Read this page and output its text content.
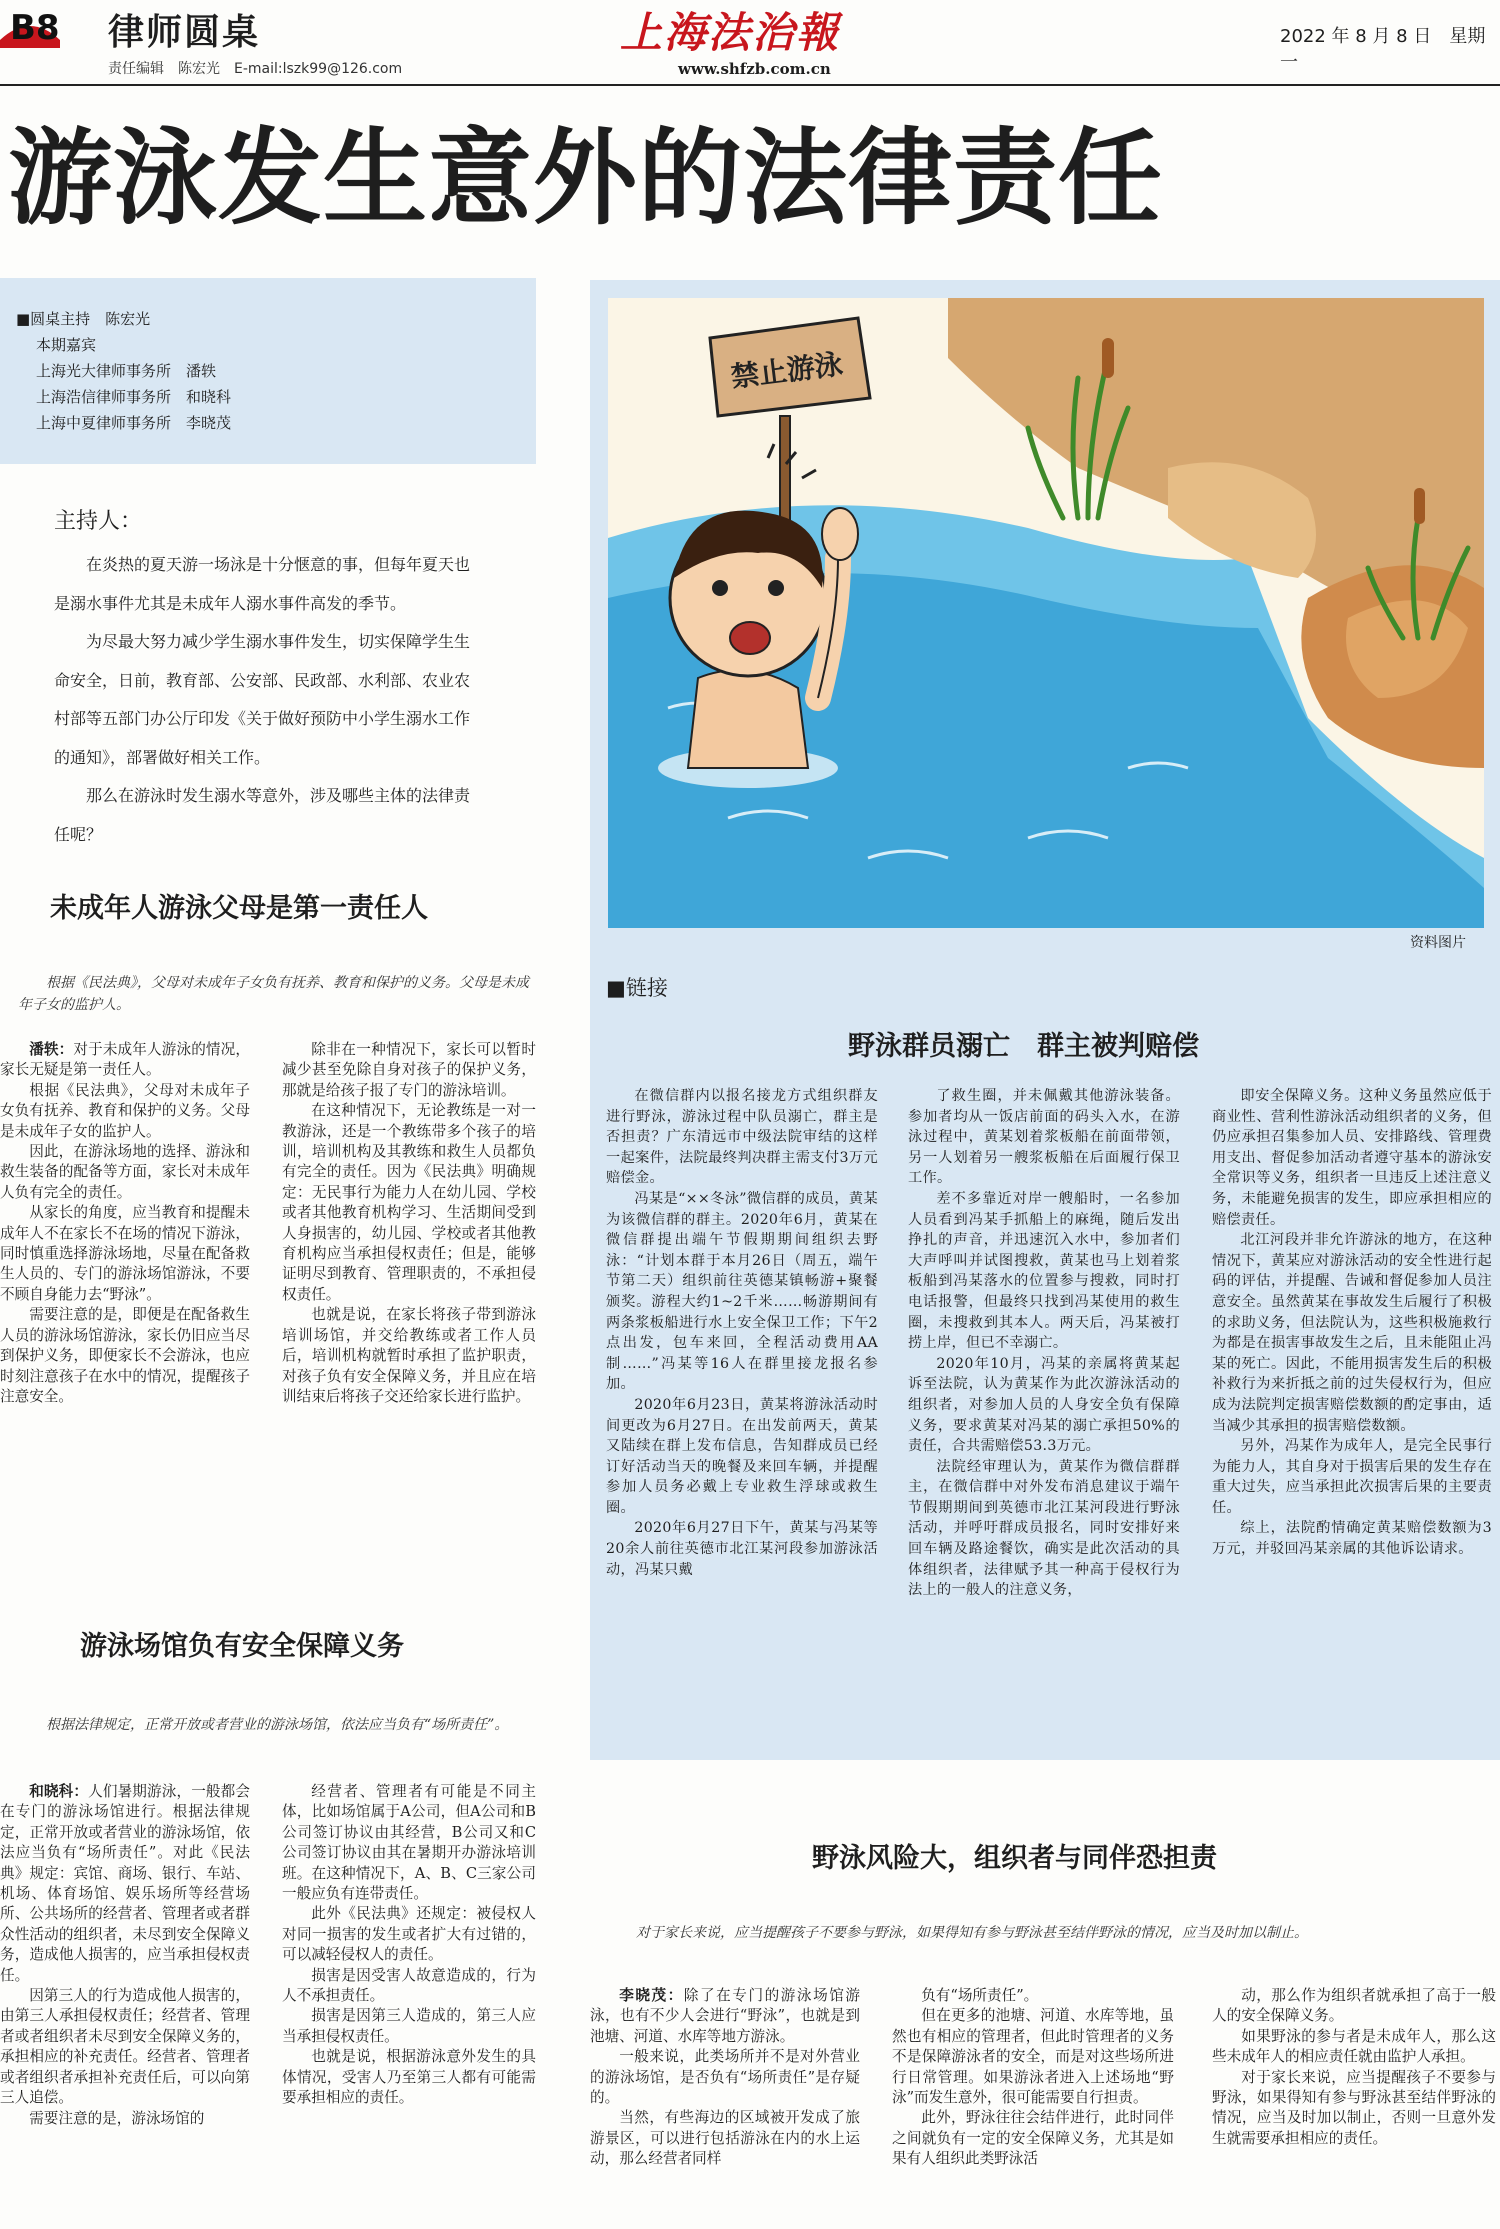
B8 律师圆桌
责任编辑　陈宏光　E-mail:lszk99@126.com
上海法治報
www.shfzb.com.cn
2022 年 8 月 8 日　星期一
游泳发生意外的法律责任
■圆桌主持　陈宏光
本期嘉宾
上海光大律师事务所　潘轶
上海浩信律师事务所　和晓科
上海中夏律师事务所　李晓茂
主持人：

在炎热的夏天游一场泳是十分惬意的事，但每年夏天也是溺水事件尤其是未成年人溺水事件高发的季节。

为尽最大努力减少学生溺水事件发生，切实保障学生生命安全，日前，教育部、公安部、民政部、水利部、农业农村部等五部门办公厅印发《关于做好预防中小学生溺水工作的通知》，部署做好相关工作。

那么在游泳时发生溺水等意外，涉及哪些主体的法律责任呢？

未成年人游泳父母是第一责任人
根据《民法典》，父母对未成年子女负有抚养、教育和保护的义务。父母是未成年子女的监护人。

潘轶：对于未成年人游泳的情况，家长无疑是第一责任人。

根据《民法典》，父母对未成年子女负有抚养、教育和保护的义务。父母是未成年子女的监护人。

因此，在游泳场地的选择、游泳和救生装备的配备等方面，家长对未成年人负有完全的责任。

从家长的角度，应当教育和提醒未成年人不在家长不在场的情况下游泳，同时慎重选择游泳场地，尽量在配备救生人员的、专门的游泳场馆游泳，不要不顾自身能力去“野泳”。

需要注意的是，即便是在配备救生人员的游泳场馆游泳，家长仍旧应当尽到保护义务，即便家长不会游泳，也应时刻注意孩子在水中的情况，提醒孩子注意安全。

除非在一种情况下，家长可以暂时减少甚至免除自身对孩子的保护义务，那就是给孩子报了专门的游泳培训。

在这种情况下，无论教练是一对一教游泳，还是一个教练带多个孩子的培训，培训机构及其教练和救生人员都负有完全的责任。因为《民法典》明确规定：无民事行为能力人在幼儿园、学校或者其他教育机构学习、生活期间受到人身损害的，幼儿园、学校或者其他教育机构应当承担侵权责任；但是，能够证明尽到教育、管理职责的，不承担侵权责任。

也就是说，在家长将孩子带到游泳培训场馆，并交给教练或者工作人员后，培训机构就暂时承担了监护职责，对孩子负有安全保障义务，并且应在培训结束后将孩子交还给家长进行监护。

游泳场馆负有安全保障义务
根据法律规定，正常开放或者营业的游泳场馆，依法应当负有“场所责任”。

和晓科：人们暑期游泳，一般都会在专门的游泳场馆进行。根据法律规定，正常开放或者营业的游泳场馆，依法应当负有“场所责任”。对此《民法典》规定：宾馆、商场、银行、车站、机场、体育场馆、娱乐场所等经营场所、公共场所的经营者、管理者或者群众性活动的组织者，未尽到安全保障义务，造成他人损害的，应当承担侵权责任。

因第三人的行为造成他人损害的，由第三人承担侵权责任；经营者、管理者或者组织者未尽到安全保障义务的，承担相应的补充责任。经营者、管理者或者组织者承担补充责任后，可以向第三人追偿。

需要注意的是，游泳场馆的

经营者、管理者有可能是不同主体，比如场馆属于A公司，但A公司和B公司签订协议由其经营，B公司又和C公司签订协议由其在暑期开办游泳培训班。在这种情况下，A、B、C三家公司一般应负有连带责任。

此外《民法典》还规定：被侵权人对同一损害的发生或者扩大有过错的，可以减轻侵权人的责任。

损害是因受害人故意造成的，行为人不承担责任。

损害是因第三人造成的，第三人应当承担侵权责任。

也就是说，根据游泳意外发生的具体情况，受害人乃至第三人都有可能需要承担相应的责任。

禁止游泳
资料图片
■链接
野泳群员溺亡　群主被判赔偿

在微信群内以报名接龙方式组织群友进行野泳，游泳过程中队员溺亡，群主是否担责？广东清远市中级法院审结的这样一起案件，法院最终判决群主需支付3万元赔偿金。

冯某是“××冬泳”微信群的成员，黄某为该微信群的群主。2020年6月，黄某在微信群提出端午节假期期间组织去野泳：“计划本群于本月26日（周五，端午节第二天）组织前往英德某镇畅游+聚餐颁奖。游程大约1~2千米……畅游期间有两条浆板船进行水上安全保卫工作；下午2点出发，包车来回，全程活动费用AA制……”冯某等16人在群里接龙报名参加。

2020年6月23日，黄某将游泳活动时间更改为6月27日。在出发前两天，黄某又陆续在群上发布信息，告知群成员已经订好活动当天的晚餐及来回车辆，并提醒参加人员务必戴上专业救生浮球或救生圈。

2020年6月27日下午，黄某与冯某等20余人前往英德市北江某河段参加游泳活动，冯某只戴

了救生圈，并未佩戴其他游泳装备。参加者均从一饭店前面的码头入水，在游泳过程中，黄某划着浆板船在前面带领，另一人划着另一艘浆板船在后面履行保卫工作。

差不多靠近对岸一艘船时，一名参加人员看到冯某手抓船上的麻绳，随后发出挣扎的声音，并迅速沉入水中，参加者们大声呼叫并试图搜救，黄某也马上划着浆板船到冯某落水的位置参与搜救，同时打电话报警，但最终只找到冯某使用的救生圈，未搜救到其本人。两天后，冯某被打捞上岸，但已不幸溺亡。

2020年10月，冯某的亲属将黄某起诉至法院，认为黄某作为此次游泳活动的组织者，对参加人员的人身安全负有保障义务，要求黄某对冯某的溺亡承担50%的责任，合共需赔偿53.3万元。

法院经审理认为，黄某作为微信群群主，在微信群中对外发布消息建议于端午节假期期间到英德市北江某河段进行野泳活动，并呼吁群成员报名，同时安排好来回车辆及路途餐饮，确实是此次活动的具体组织者，法律赋予其一种高于侵权行为法上的一般人的注意义务，

即安全保障义务。这种义务虽然应低于商业性、营利性游泳活动组织者的义务，但仍应承担召集参加人员、安排路线、管理费用支出、督促参加活动者遵守基本的游泳安全常识等义务，组织者一旦违反上述注意义务，未能避免损害的发生，即应承担相应的赔偿责任。

北江河段并非允许游泳的地方，在这种情况下，黄某应对游泳活动的安全性进行起码的评估，并提醒、告诫和督促参加人员注意安全。虽然黄某在事故发生后履行了积极的求助义务，但法院认为，这些积极施救行为都是在损害事故发生之后，且未能阻止冯某的死亡。因此，不能用损害发生后的积极补救行为来折抵之前的过失侵权行为，但应成为法院判定损害赔偿数额的酌定事由，适当减少其承担的损害赔偿数额。

另外，冯某作为成年人，是完全民事行为能力人，其自身对于损害后果的发生存在重大过失，应当承担此次损害后果的主要责任。

综上，法院酌情确定黄某赔偿数额为3万元，并驳回冯某亲属的其他诉讼请求。

野泳风险大，组织者与同伴恐担责
对于家长来说，应当提醒孩子不要参与野泳，如果得知有参与野泳甚至结伴野泳的情况，应当及时加以制止。

李晓茂：除了在专门的游泳场馆游泳，也有不少人会进行“野泳”，也就是到池塘、河道、水库等地方游泳。

一般来说，此类场所并不是对外营业的游泳场馆，是否负有“场所责任”是存疑的。

当然，有些海边的区域被开发成了旅游景区，可以进行包括游泳在内的水上运动，那么经营者同样

负有“场所责任”。

但在更多的池塘、河道、水库等地，虽然也有相应的管理者，但此时管理者的义务不是保障游泳者的安全，而是对这些场所进行日常管理。如果游泳者进入上述场地“野泳”而发生意外，很可能需要自行担责。

此外，野泳往往会结伴进行，此时同伴之间就负有一定的安全保障义务，尤其是如果有人组织此类野泳活

动，那么作为组织者就承担了高于一般人的安全保障义务。

如果野泳的参与者是未成年人，那么这些未成年人的相应责任就由监护人承担。

对于家长来说，应当提醒孩子不要参与野泳，如果得知有参与野泳甚至结伴野泳的情况，应当及时加以制止，否则一旦意外发生就需要承担相应的责任。
